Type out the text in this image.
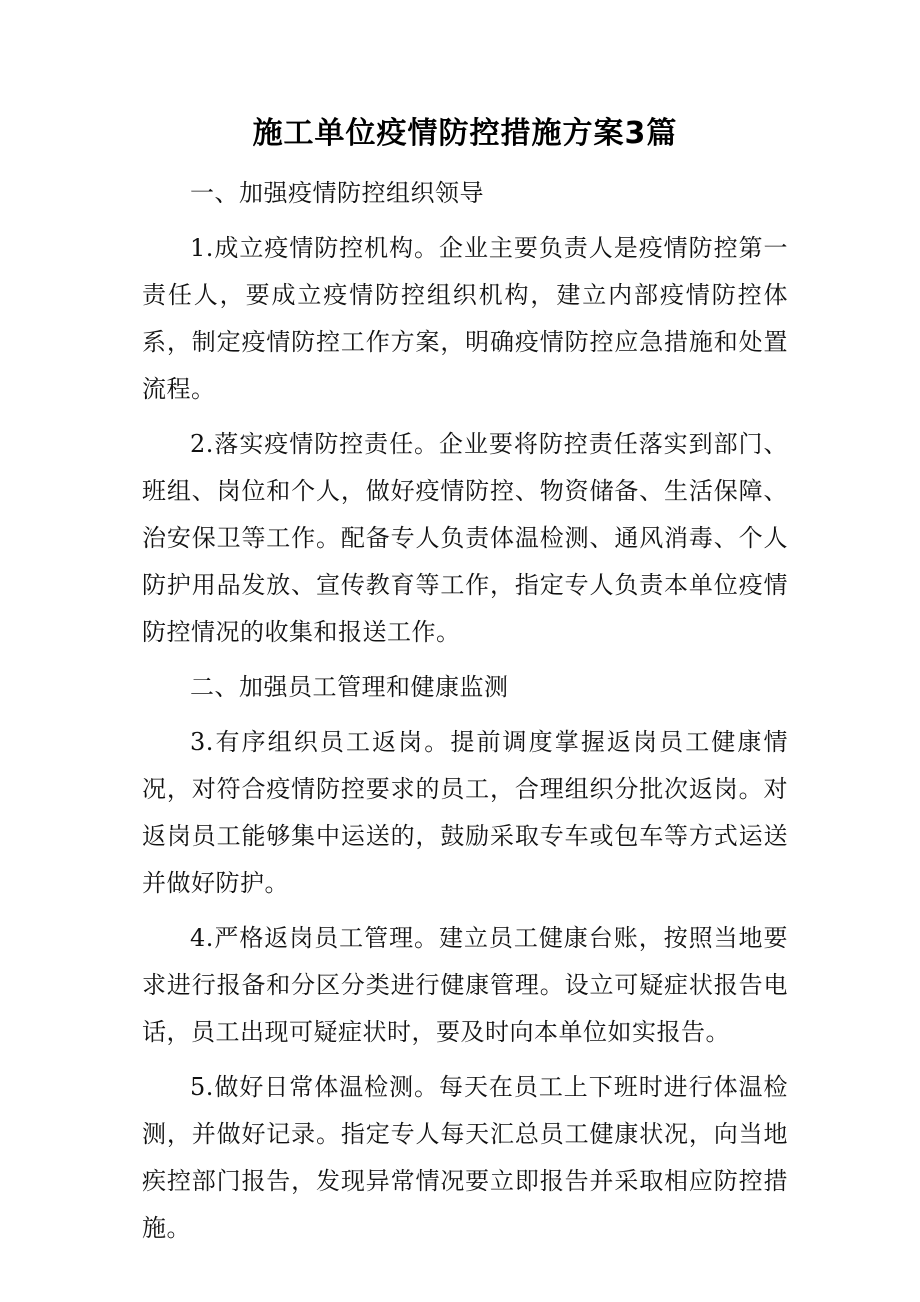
施工单位疫情防控措施方案3篇

一、加强疫情防控组织领导

1.成立疫情防控机构。企业主要负责人是疫情防控第一责任人，要成立疫情防控组织机构，建立内部疫情防控体系，制定疫情防控工作方案，明确疫情防控应急措施和处置流程。

2.落实疫情防控责任。企业要将防控责任落实到部门、班组、岗位和个人，做好疫情防控、物资储备、生活保障、治安保卫等工作。配备专人负责体温检测、通风消毒、个人防护用品发放、宣传教育等工作，指定专人负责本单位疫情防控情况的收集和报送工作。

二、加强员工管理和健康监测

3.有序组织员工返岗。提前调度掌握返岗员工健康情况，对符合疫情防控要求的员工，合理组织分批次返岗。对返岗员工能够集中运送的，鼓励采取专车或包车等方式运送并做好防护。

4.严格返岗员工管理。建立员工健康台账，按照当地要求进行报备和分区分类进行健康管理。设立可疑症状报告电话，员工出现可疑症状时，要及时向本单位如实报告。

5.做好日常体温检测。每天在员工上下班时进行体温检测，并做好记录。指定专人每天汇总员工健康状况，向当地疾控部门报告，发现异常情况要立即报告并采取相应防控措施。
